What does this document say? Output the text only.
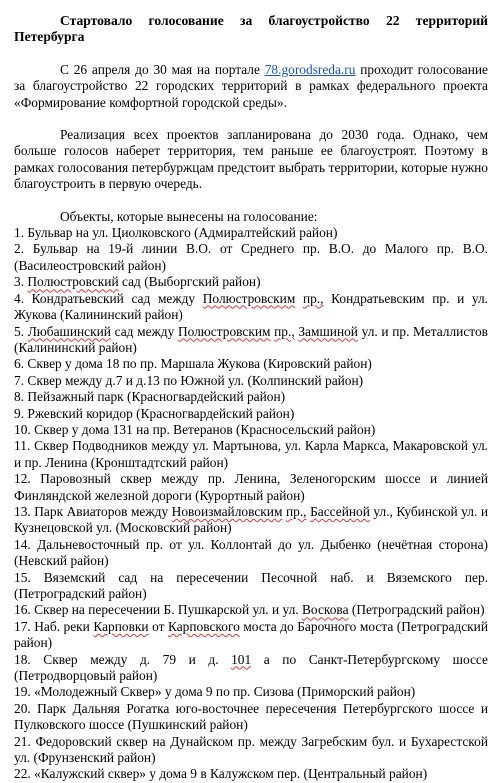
Стартовало голосование за благоустройство 22 территорий Петербурга

С 26 апреля до 30 мая на портале 78.gorodsreda.ru проходит голосование за благоустройство 22 городских территорий в рамках федерального проекта «Формирование комфортной городской среды».

Реализация всех проектов запланирована до 2030 года. Однако, чем больше голосов наберет территория, тем раньше ее благоустроят. Поэтому в рамках голосования петербуржцам предстоит выбрать территории, которые нужно благоустроить в первую очередь.

Объекты, которые вынесены на голосование:

1. Бульвар на ул. Циолковского (Адмиралтейский район)
2. Бульвар на 19-й линии В.О. от Среднего пр. В.О. до Малого пр. В.О. (Василеостровский район)
3. Полюстровский сад (Выборгский район)
4. Кондратьевский сад между Полюстровским пр., Кондратьевским пр. и ул. Жукова (Калининский район)
5. Любашинский сад между Полюстровским пр., Замшиной ул. и пр. Металлистов (Калининский район)
6. Сквер у дома 18 по пр. Маршала Жукова (Кировский район)
7. Сквер между д.7 и д.13 по Южной ул. (Колпинский район)
8. Пейзажный парк (Красногвардейский район)
9. Ржевский коридор (Красногвардейский район)
10. Сквер у дома 131 на пр. Ветеранов (Красносельский район)
11. Сквер Подводников между ул. Мартынова, ул. Карла Маркса, Макаровской ул. и пр. Ленина (Кронштадтский район)
12. Паровозный сквер между пр. Ленина, Зеленогорским шоссе и линией Финляндской железной дороги (Курортный район)
13. Парк Авиаторов между Новоизмайловским пр., Бассейной ул., Кубинской ул. и Кузнецовской ул. (Московский район)
14. Дальневосточный пр. от ул. Коллонтай до ул. Дыбенко (нечётная сторона) (Невский район)
15. Вяземский сад на пересечении Песочной наб. и Вяземского пер. (Петроградский район)
16. Сквер на пересечении Б. Пушкарской ул. и ул. Воскова (Петроградский район)
17. Наб. реки Карповки от Карповского моста до Барочного моста (Петроградский район)
18. Сквер между д. 79 и д. 101 а по Санкт-Петербургскому шоссе (Петродворцовый район)
19. «Молодежный Сквер» у дома 9 по пр. Сизова (Приморский район)
20. Парк Дальняя Рогатка юго-восточнее пересечения Петербургского шоссе и Пулковского шоссе (Пушкинский район)
21. Федоровский сквер на Дунайском пр. между Загребским бул. и Бухарестской ул. (Фрунзенский район)
22. «Калужский сквер» у дома 9 в Калужском пер. (Центральный район)
